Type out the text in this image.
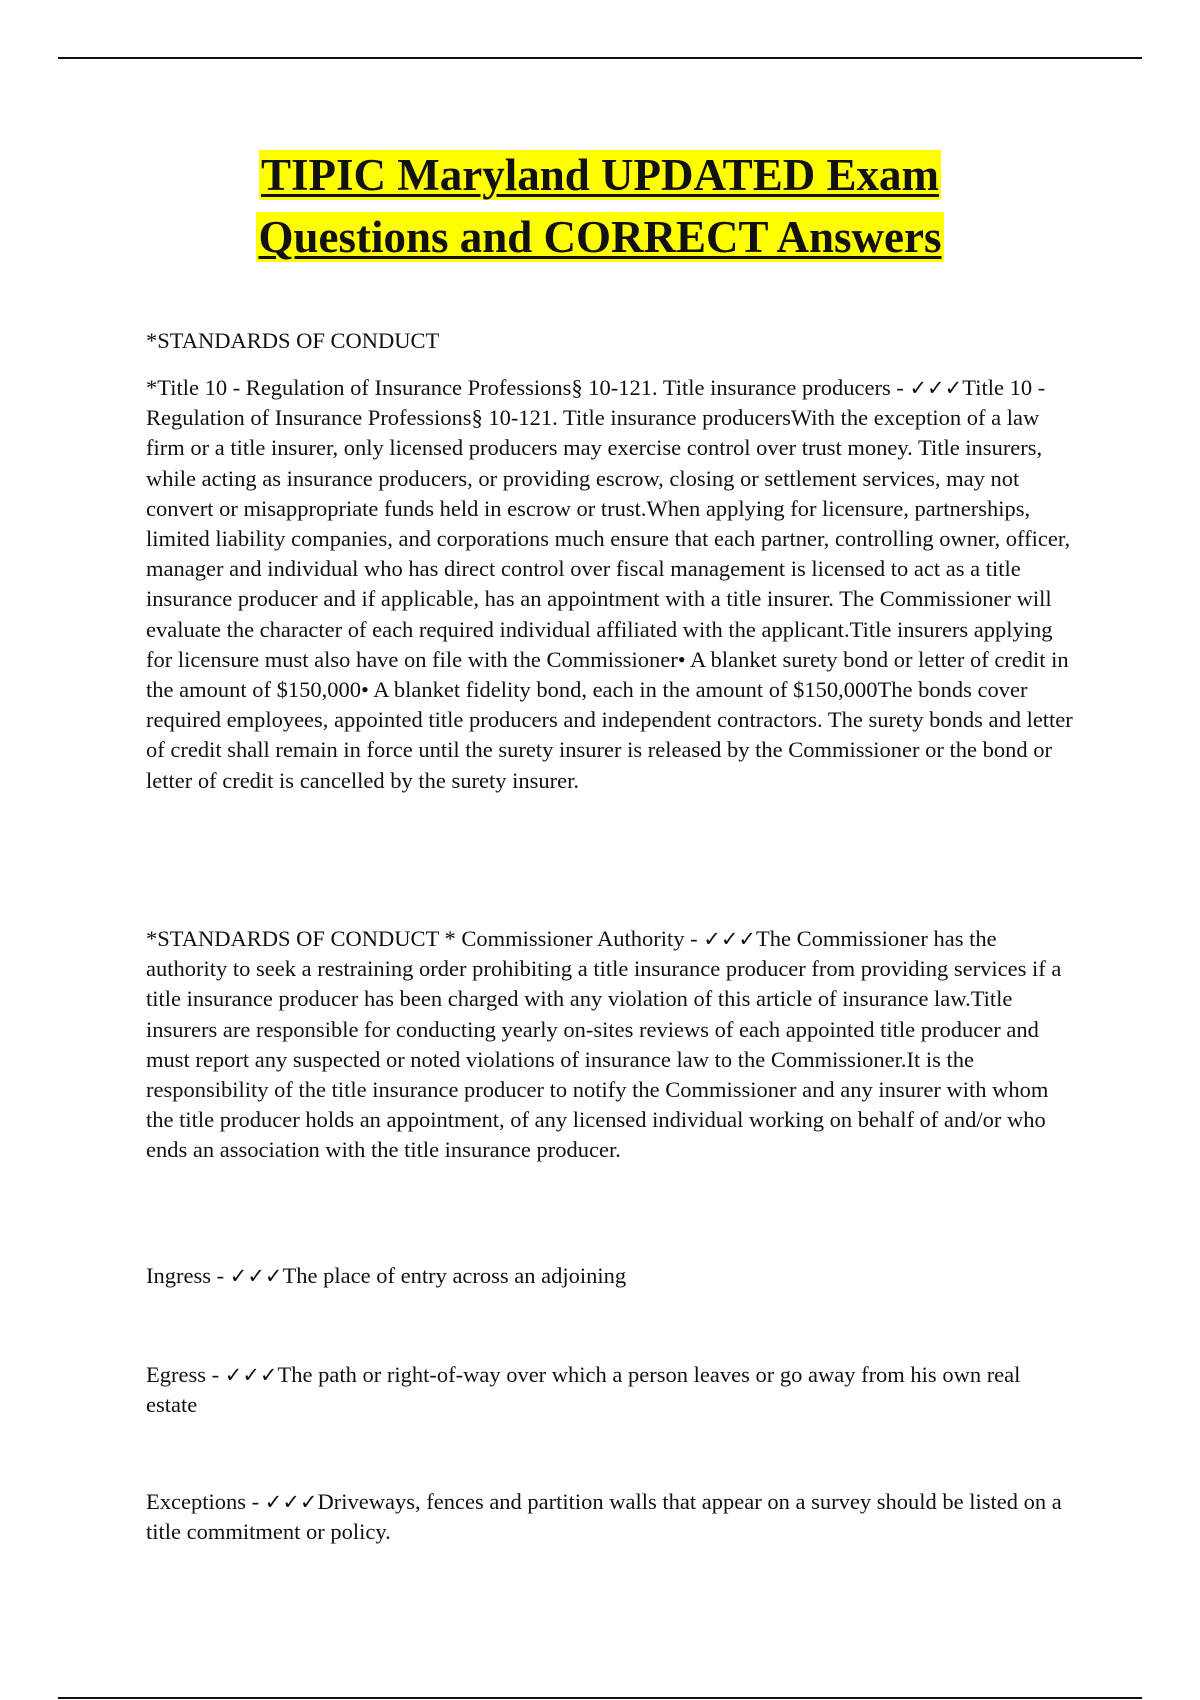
TIPIC Maryland UPDATED Exam
Questions and CORRECT Answers

*STANDARDS OF CONDUCT

*Title 10 - Regulation of Insurance Professions§ 10-121. Title insurance producers - ✓✓✓Title 10 - Regulation of Insurance Professions§ 10-121. Title insurance producersWith the exception of a law firm or a title insurer, only licensed producers may exercise control over trust money. Title insurers, while acting as insurance producers, or providing escrow, closing or settlement services, may not convert or misappropriate funds held in escrow or trust.When applying for licensure, partnerships, limited liability companies, and corporations much ensure that each partner, controlling owner, officer, manager and individual who has direct control over fiscal management is licensed to act as a title insurance producer and if applicable, has an appointment with a title insurer. The Commissioner will evaluate the character of each required individual affiliated with the applicant.Title insurers applying for licensure must also have on file with the Commissioner• A blanket surety bond or letter of credit in the amount of $150,000• A blanket fidelity bond, each in the amount of $150,000The bonds cover required employees, appointed title producers and independent contractors. The surety bonds and letter of credit shall remain in force until the surety insurer is released by the Commissioner or the bond or letter of credit is cancelled by the surety insurer.

*STANDARDS OF CONDUCT * Commissioner Authority - ✓✓✓The Commissioner has the authority to seek a restraining order prohibiting a title insurance producer from providing services if a title insurance producer has been charged with any violation of this article of insurance law.Title insurers are responsible for conducting yearly on-sites reviews of each appointed title producer and must report any suspected or noted violations of insurance law to the Commissioner.It is the responsibility of the title insurance producer to notify the Commissioner and any insurer with whom the title producer holds an appointment, of any licensed individual working on behalf of and/or who ends an association with the title insurance producer.

Ingress - ✓✓✓The place of entry across an adjoining

Egress - ✓✓✓The path or right-of-way over which a person leaves or go away from his own real estate

Exceptions - ✓✓✓Driveways, fences and partition walls that appear on a survey should be listed on a title commitment or policy.
